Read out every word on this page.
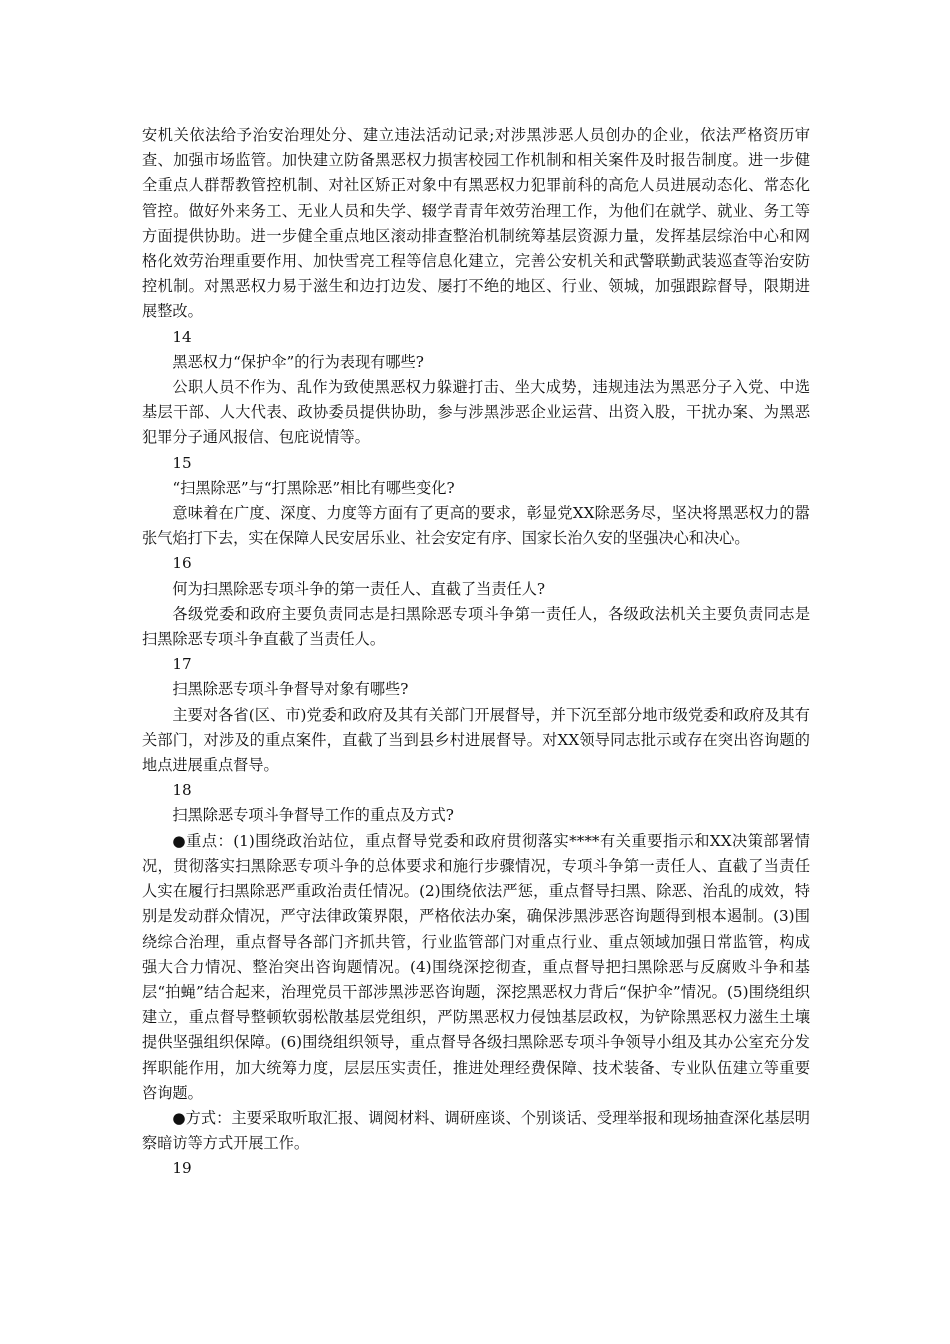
安机关依法给予治安治理处分、建立违法活动记录;对涉黑涉恶人员创办的企业，依法严格资历审查、加强市场监管。加快建立防备黑恶权力损害校园工作机制和相关案件及时报告制度。进一步健全重点人群帮教管控机制、对社区矫正对象中有黑恶权力犯罪前科的高危人员进展动态化、常态化管控。做好外来务工、无业人员和失学、辍学青青年效劳治理工作，为他们在就学、就业、务工等方面提供协助。进一步健全重点地区滚动排查整治机制统筹基层资源力量，发挥基层综治中心和网格化效劳治理重要作用、加快雪亮工程等信息化建立，完善公安机关和武警联勤武装巡查等治安防控机制。对黑恶权力易于滋生和边打边发、屡打不绝的地区、行业、领城，加强跟踪督导，限期进展整改。

14

黑恶权力“保护伞”的行为表现有哪些?

公职人员不作为、乱作为致使黑恶权力躲避打击、坐大成势，违规违法为黑恶分子入党、中选基层干部、人大代表、政协委员提供协助，参与涉黑涉恶企业运营、出资入股，干扰办案、为黑恶犯罪分子通风报信、包庇说情等。

15

“扫黑除恶”与“打黑除恶”相比有哪些变化?

意味着在广度、深度、力度等方面有了更高的要求，彰显党XX除恶务尽，坚决将黑恶权力的嚣张气焰打下去，实在保障人民安居乐业、社会安定有序、国家长治久安的坚强决心和决心。

16

何为扫黑除恶专项斗争的第一责任人、直截了当责任人?

各级党委和政府主要负责同志是扫黑除恶专项斗争第一责任人，各级政法机关主要负责同志是扫黑除恶专项斗争直截了当责任人。

17

扫黑除恶专项斗争督导对象有哪些?

主要对各省(区、市)党委和政府及其有关部门开展督导，并下沉至部分地市级党委和政府及其有关部门，对涉及的重点案件，直截了当到县乡村进展督导。对XX领导同志批示或存在突出咨询题的地点进展重点督导。

18

扫黑除恶专项斗争督导工作的重点及方式?

●重点：(1)围绕政治站位，重点督导党委和政府贯彻落实****有关重要指示和XX决策部署情况，贯彻落实扫黑除恶专项斗争的总体要求和施行步骤情况，专项斗争第一责任人、直截了当责任人实在履行扫黑除恶严重政治责任情况。(2)围绕依法严惩，重点督导扫黑、除恶、治乱的成效，特别是发动群众情况，严守法律政策界限，严格依法办案，确保涉黑涉恶咨询题得到根本遏制。(3)围绕综合治理，重点督导各部门齐抓共管，行业监管部门对重点行业、重点领域加强日常监管，构成强大合力情况、整治突出咨询题情况。(4)围绕深挖彻查，重点督导把扫黑除恶与反腐败斗争和基层“拍蝇”结合起来，治理党员干部涉黑涉恶咨询题，深挖黑恶权力背后“保护伞”情况。(5)围绕组织建立，重点督导整顿软弱松散基层党组织，严防黑恶权力侵蚀基层政权，为铲除黑恶权力滋生土壤提供坚强组织保障。(6)围绕组织领导，重点督导各级扫黑除恶专项斗争领导小组及其办公室充分发挥职能作用，加大统筹力度，层层压实责任，推进处理经费保障、技术装备、专业队伍建立等重要咨询题。

●方式：主要采取听取汇报、调阅材料、调研座谈、个别谈话、受理举报和现场抽查深化基层明察暗访等方式开展工作。

19
